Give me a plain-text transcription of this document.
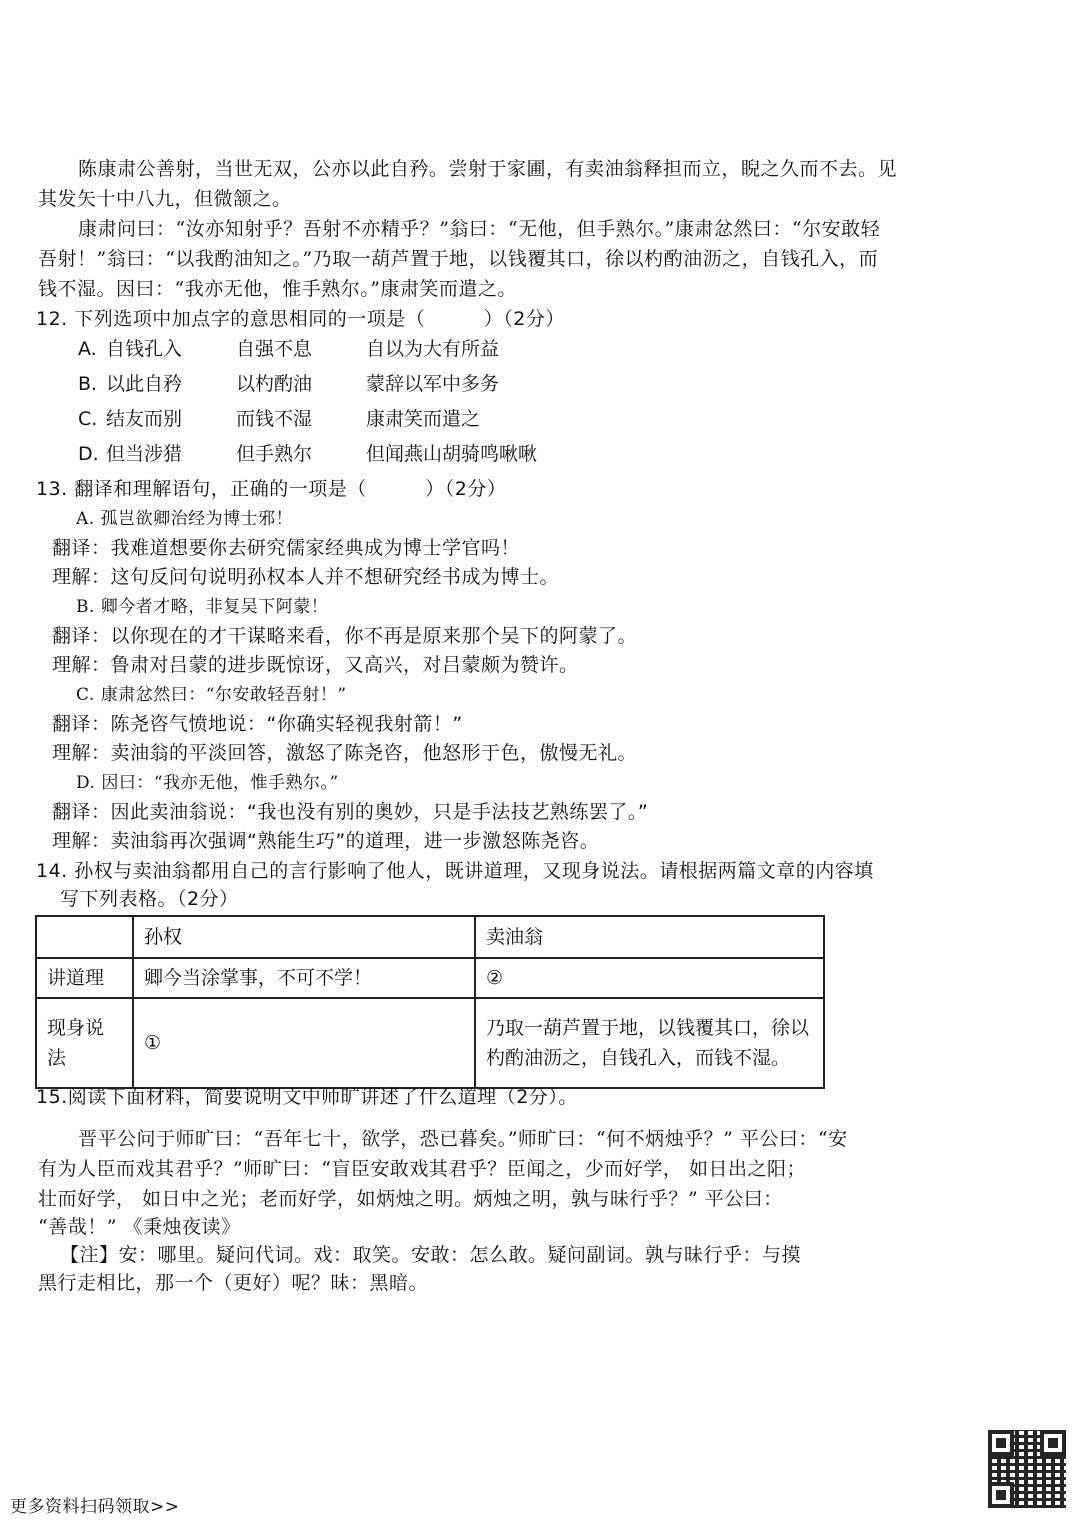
陈康肃公善射，当世无双，公亦以此自矜。尝射于家圃，有卖油翁释担而立，睨之久而不去。见
其发矢十中八九，但微颔之。
康肃问曰：“汝亦知射乎？吾射不亦精乎？”翁曰：“无他，但手熟尔。”康肃忿然曰：“尔安敢轻
吾射！”翁曰：“以我酌油知之。”乃取一葫芦置于地，以钱覆其口，徐以杓酌油沥之，自钱孔入，而
钱不湿。因曰：“我亦无他，惟手熟尔。”康肃笑而遣之。
12. 下列选项中加点字的意思相同的一项是（　　　）（2分）
A. 自钱孔入	自强不息	自以为大有所益
B. 以此自矜	以杓酌油	蒙辞以军中多务
C. 结友而别	而钱不湿	康肃笑而遣之
D. 但当涉猎	但手熟尔	但闻燕山胡骑鸣啾啾
13. 翻译和理解语句，正确的一项是（　　　）（2分）
A. 孤岂欲卿治经为博士邪！
翻译：我难道想要你去研究儒家经典成为博士学官吗！
理解：这句反问句说明孙权本人并不想研究经书成为博士。
B. 卿今者才略，非复吴下阿蒙！
翻译：以你现在的才干谋略来看，你不再是原来那个吴下的阿蒙了。
理解：鲁肃对吕蒙的进步既惊讶，又高兴，对吕蒙颇为赞许。
C. 康肃忿然曰：“尔安敢轻吾射！”
翻译：陈尧咨气愤地说：“你确实轻视我射箭！”
理解：卖油翁的平淡回答，激怒了陈尧咨，他怒形于色，傲慢无礼。
D. 因曰：“我亦无他，惟手熟尔。”
翻译：因此卖油翁说：“我也没有别的奥妙，只是手法技艺熟练罢了。”
理解：卖油翁再次强调“熟能生巧”的道理，进一步激怒陈尧咨。
14. 孙权与卖油翁都用自己的言行影响了他人，既讲道理，又现身说法。请根据两篇文章的内容填
写下列表格。（2分）
	孙权	卖油翁
讲道理	卿今当涂掌事，不可不学！	②
现身说法	①	乃取一葫芦置于地，以钱覆其口，徐以杓酌油沥之，自钱孔入，而钱不湿。
15.阅读下面材料，简要说明文中师旷讲述了什么道理（2分）。
晋平公问于师旷曰：“吾年七十，欲学，恐已暮矣。”师旷曰：“何不炳烛乎？” 平公曰：“安
有为人臣而戏其君乎？”师旷曰：“盲臣安敢戏其君乎？臣闻之，少而好学， 如日出之阳；
壮而好学， 如日中之光；老而好学，如炳烛之明。炳烛之明，孰与昧行乎？” 平公曰：
“善哉！” 《秉烛夜读》
【注】安：哪里。疑问代词。戏：取笑。安敢：怎么敢。疑问副词。孰与昧行乎：与摸
黑行走相比，那一个（更好）呢？昧：黑暗。
更多资料扫码领取>>
